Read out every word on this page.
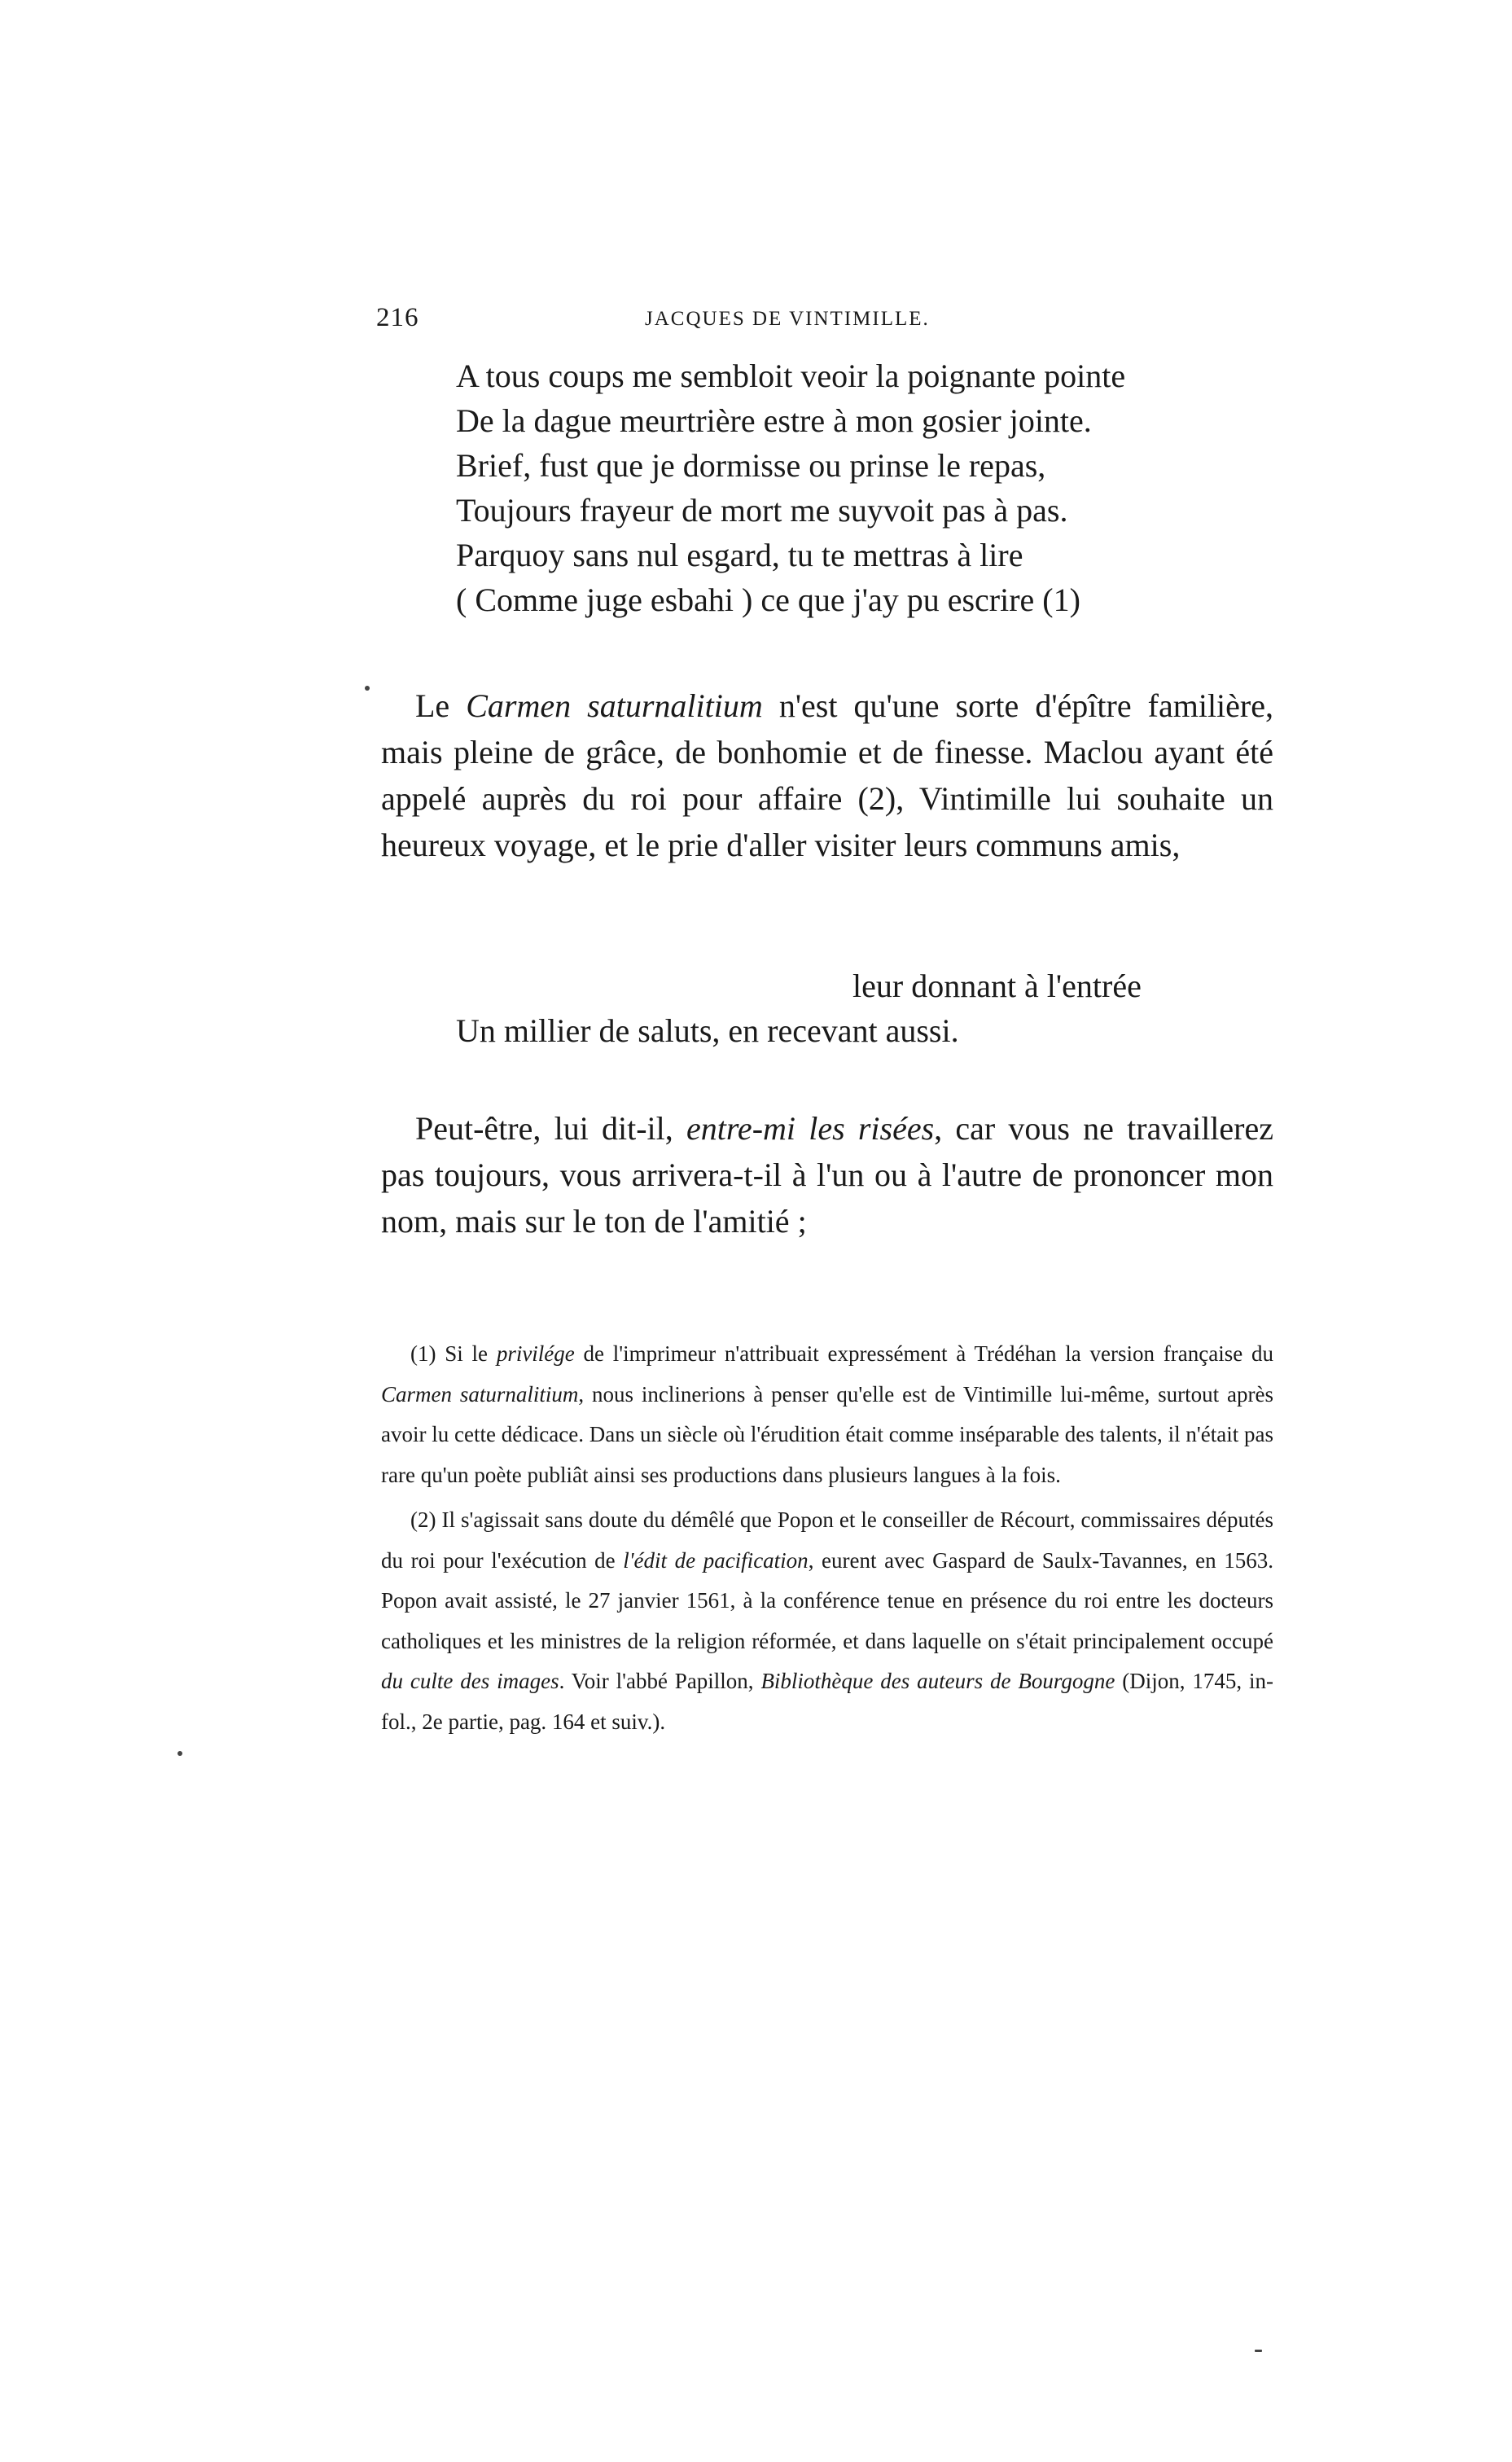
216	JACQUES DE VINTIMILLE.
A tous coups me sembloit veoir la poignante pointe
De la dague meurtrière estre à mon gosier jointe.
Brief, fust que je dormisse ou prinse le repas,
Toujours frayeur de mort me suyvoit pas à pas.
Parquoy sans nul esgard, tu te mettras à lire
( Comme juge esbahi ) ce que j'ay pu escrire (1)

Le Carmen saturnalitium n'est qu'une sorte d'épître familière, mais pleine de grâce, de bonhomie et de finesse. Maclou ayant été appelé auprès du roi pour affaire (2), Vintimille lui souhaite un heureux voyage, et le prie d'aller visiter leurs communs amis,

leur donnant à l'entrée
Un millier de saluts, en recevant aussi.

Peut-être, lui dit-il, entre-mi les risées, car vous ne travaillerez pas toujours, vous arrivera-t-il à l'un ou à l'autre de prononcer mon nom, mais sur le ton de l'amitié ;

(1) Si le privilége de l'imprimeur n'attribuait expressément à Trédéhan la version française du Carmen saturnalitium, nous inclinerions à penser qu'elle est de Vintimille lui-même, surtout après avoir lu cette dédicace. Dans un siècle où l'érudition était comme inséparable des talents, il n'était pas rare qu'un poète publiât ainsi ses productions dans plusieurs langues à la fois.

(2) Il s'agissait sans doute du démêlé que Popon et le conseiller de Récourt, commissaires députés du roi pour l'exécution de l'édit de pacification, eurent avec Gaspard de Saulx-Tavannes, en 1563. Popon avait assisté, le 27 janvier 1561, à la conférence tenue en présence du roi entre les docteurs catholiques et les ministres de la religion réformée, et dans laquelle on s'était principalement occupé du culte des images. Voir l'abbé Papillon, Bibliothèque des auteurs de Bourgogne (Dijon, 1745, in-fol., 2e partie, pag. 164 et suiv.).
